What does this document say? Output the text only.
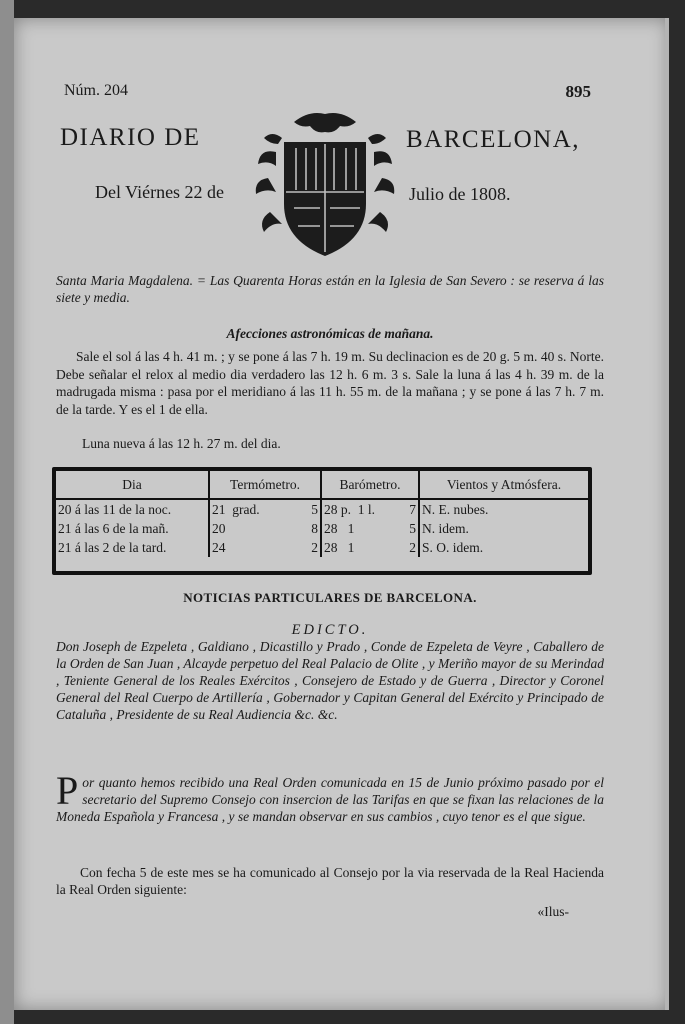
Núm. 204	895
DIARIO DE	BARCELONA,
Del Viérnes 22 de	Julio de 1808.
Santa Maria Magdalena. = Las Quarenta Horas están en la Iglesia de San Severo : se reserva á las siete y media.
Afecciones astronómicas de mañana.
Sale el sol á las 4 h. 41 m. ; y se pone á las 7 h. 19 m. Su declinacion es de 20 g. 5 m. 40 s. Norte. Debe señalar el relox al medio dia verdadero las 12 h. 6 m. 3 s. Sale la luna á las 4 h. 39 m. de la madrugada misma : pasa por el meridiano á las 11 h. 55 m. de la mañana ; y se pone á las 7 h. 7 m. de la tarde. Y es el 1 de ella.
Luna nueva á las 12 h. 27 m. del dia.
Dia	Termómetro.	Barómetro.	Vientos y Atmósfera.
20 á las 11 de la noc.	21 grad. 5	28 p. 1 l. 7	N. E. nubes.
21 á las 6 de la mañ.	20 8	28 1 5	N. idem.
21 á las 2 de la tard.	24 2	28 1 2	S. O. idem.
NOTICIAS PARTICULARES DE BARCELONA.
EDICTO.
Don Joseph de Ezpeleta , Galdiano , Dicastillo y Prado , Conde de Ezpeleta de Veyre , Caballero de la Orden de San Juan , Alcayde perpetuo del Real Palacio de Olite , y Meriño mayor de su Merindad , Teniente General de los Reales Exércitos , Consejero de Estado y de Guerra , Director y Coronel General del Real Cuerpo de Artillería , Gobernador y Capitan General del Exército y Principado de Cataluña , Presidente de su Real Audiencia &c. &c.
Por quanto hemos recibido una Real Orden comunicada en 15 de Junio próximo pasado por el secretario del Supremo Consejo con insercion de las Tarifas en que se fixan las relaciones de la Moneda Española y Francesa , y se mandan observar en sus cambios , cuyo tenor es el que sigue.
Con fecha 5 de este mes se ha comunicado al Consejo por la via reservada de la Real Hacienda la Real Orden siguiente:
«Ilus-
